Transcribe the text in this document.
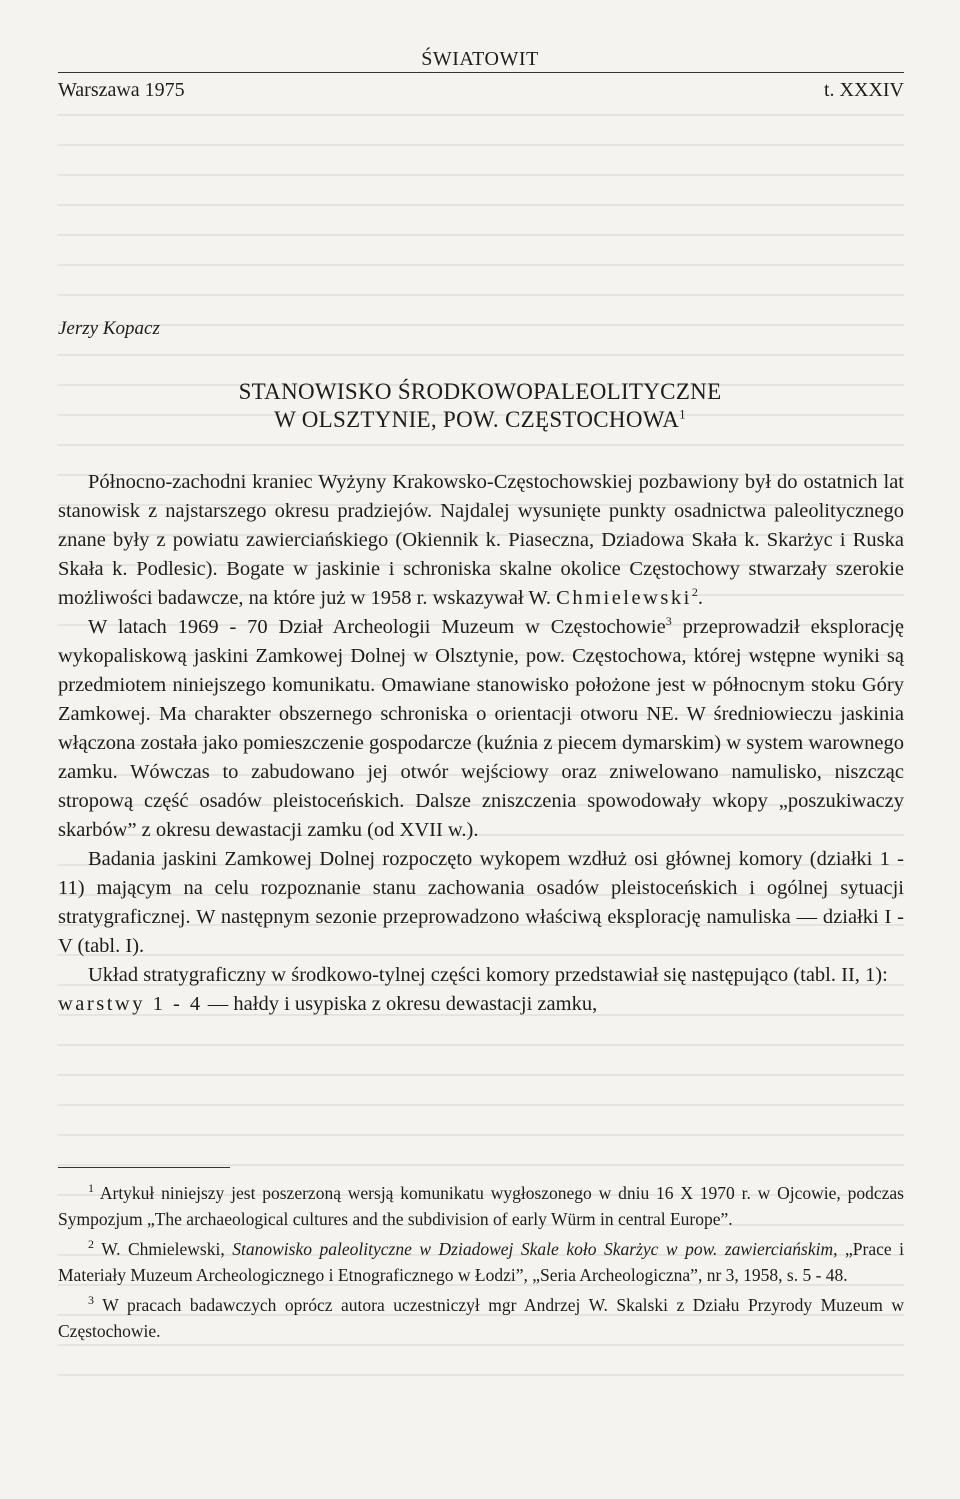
ŚWIATOWIT
Warszawa 1975	t. XXXIV
Jerzy Kopacz
STANOWISKO ŚRODKOWOPALEOLITYCZNE
W OLSZTYNIE, POW. CZĘSTOCHOWA$^1$

Północno-zachodni kraniec Wyżyny Krakowsko-Częstochowskiej pozbawiony był do ostatnich lat stanowisk z najstarszego okresu pradziejów. Najdalej wysunięte punkty osadnictwa paleolitycznego znane były z powiatu zawierciańskiego (Okiennik k. Piaseczna, Dziadowa Skała k. Skarżyc i Ruska Skała k. Podlesic). Bogate w jaskinie i schroniska skalne okolice Częstochowy stwarzały szerokie możliwości badawcze, na które już w 1958 r. wskazywał W. Chmielewski$^2$.

W latach 1969 - 70 Dział Archeologii Muzeum w Częstochowie$^3$ przeprowadził eksplorację wykopaliskową jaskini Zamkowej Dolnej w Olsztynie, pow. Częstochowa, której wstępne wyniki są przedmiotem niniejszego komunikatu. Omawiane stanowisko położone jest w północnym stoku Góry Zamkowej. Ma charakter obszernego schroniska o orientacji otworu NE. W średniowieczu jaskinia włączona została jako pomieszczenie gospodarcze (kuźnia z piecem dymarskim) w system warownego zamku. Wówczas to zabudowano jej otwór wejściowy oraz zniwelowano namulisko, niszcząc stropową część osadów pleistoceńskich. Dalsze zniszczenia spowodowały wkopy „poszukiwaczy skarbów” z okresu dewastacji zamku (od XVII w.).

Badania jaskini Zamkowej Dolnej rozpoczęto wykopem wzdłuż osi głównej komory (działki 1 - 11) mającym na celu rozpoznanie stanu zachowania osadów pleistoceńskich i ogólnej sytuacji stratygraficznej. W następnym sezonie przeprowadzono właściwą eksplorację namuliska — działki I - V (tabl. I).

Układ stratygraficzny w środkowo-tylnej części komory przedstawiał się następująco (tabl. II, 1):

warstwy 1 - 4 — hałdy i usypiska z okresu dewastacji zamku,

$^1$ Artykuł niniejszy jest poszerzoną wersją komunikatu wygłoszonego w dniu 16 X 1970 r. w Ojcowie, podczas Sympozjum „The archaeological cultures and the subdivision of early Würm in central Europe”.

$^2$ W. Chmielewski, Stanowisko paleolityczne w Dziadowej Skale koło Skarżyc w pow. zawierciańskim, „Prace i Materiały Muzeum Archeologicznego i Etnograficznego w Łodzi”, „Seria Archeologiczna”, nr 3, 1958, s. 5 - 48.

$^3$ W pracach badawczych oprócz autora uczestniczył mgr Andrzej W. Skalski z Działu Przyrody Muzeum w Częstochowie.
